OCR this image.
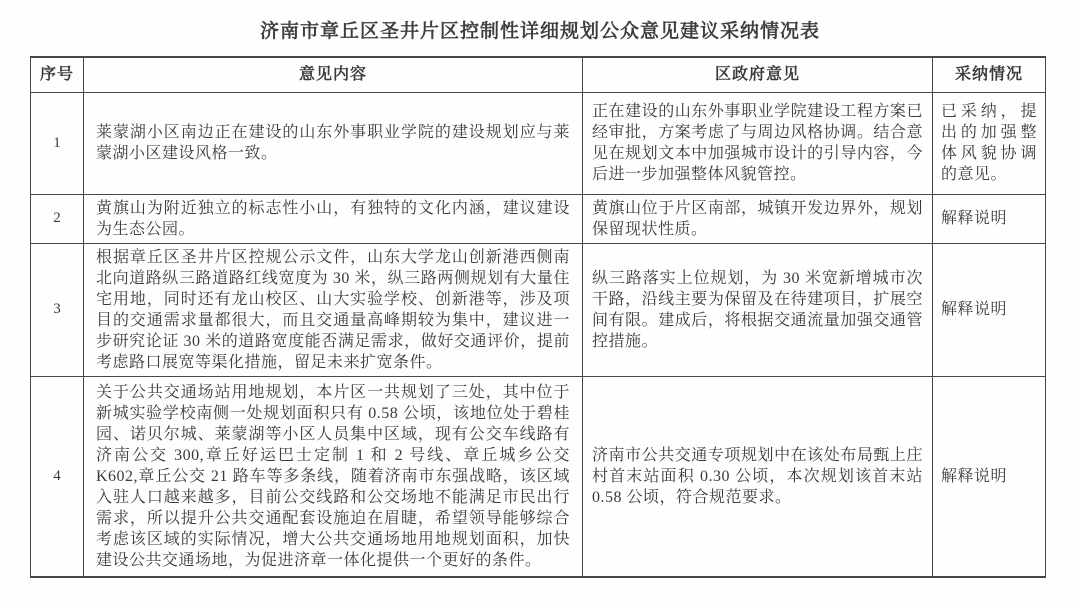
济南市章丘区圣井片区控制性详细规划公众意见建议采纳情况表
序号	意见内容	区政府意见	采纳情况
1	莱蒙湖小区南边正在建设的山东外事职业学院的建设规划应与莱蒙湖小区建设风格一致。	正在建设的山东外事职业学院建设工程方案已经审批，方案考虑了与周边风格协调。结合意见在规划文本中加强城市设计的引导内容，今后进一步加强整体风貌管控。	已采纳，提出的加强整体风貌协调的意见。
2	黄旗山为附近独立的标志性小山，有独特的文化内涵，建议建设为生态公园。	黄旗山位于片区南部，城镇开发边界外，规划保留现状性质。	解释说明
3	根据章丘区圣井片区控规公示文件，山东大学龙山创新港西侧南北向道路纵三路道路红线宽度为 30 米，纵三路两侧规划有大量住宅用地，同时还有龙山校区、山大实验学校、创新港等，涉及项目的交通需求量都很大，而且交通量高峰期较为集中，建议进一步研究论证 30 米的道路宽度能否满足需求，做好交通评价，提前考虑路口展宽等渠化措施，留足未来扩宽条件。	纵三路落实上位规划，为 30 米宽新增城市次干路，沿线主要为保留及在待建项目，扩展空间有限。建成后，将根据交通流量加强交通管控措施。	解释说明
4	关于公共交通场站用地规划，本片区一共规划了三处，其中位于新城实验学校南侧一处规划面积只有 0.58 公顷，该地位处于碧桂园、诺贝尔城、莱蒙湖等小区人员集中区域，现有公交车线路有济南公交 300,章丘好运巴士定制 1 和 2 号线、章丘城乡公交 K602,章丘公交 21 路车等多条线，随着济南市东强战略，该区域入驻人口越来越多，目前公交线路和公交场地不能满足市民出行需求，所以提升公共交通配套设施迫在眉睫，希望领导能够综合考虑该区域的实际情况，增大公共交通场地用地规划面积，加快建设公共交通场地，为促进济章一体化提供一个更好的条件。	济南市公共交通专项规划中在该处布局甄上庄村首末站面积 0.30 公顷，本次规划该首末站 0.58 公顷，符合规范要求。	解释说明
